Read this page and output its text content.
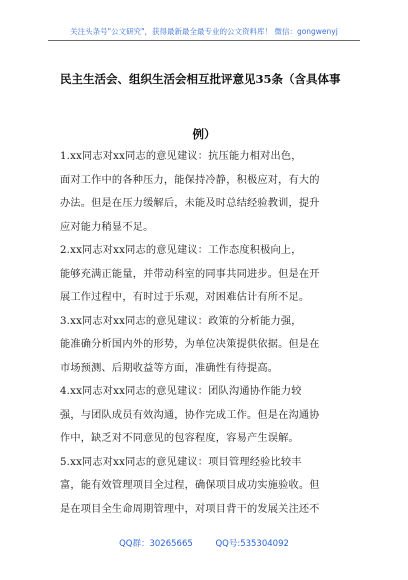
关注头条号"公文研究"，获得最新最全最专业的公文资料库！ 微信：gongwenyj
民主生活会、组织生活会相互批评意见35条（含具体事
例）
1.xx同志对xx同志的意见建议：抗压能力相对出色，
面对工作中的各种压力，能保持冷静，积极应对，有大的
办法。但是在压力缓解后，未能及时总结经验教训，提升
应对能力稍显不足。
2.xx同志对xx同志的意见建议：工作态度积极向上，
能够充满正能量，并带动科室的同事共同进步。但是在开
展工作过程中，有时过于乐观，对困难估计有所不足。
3.xx同志对xx同志的意见建议：政策的分析能力强，
能准确分析国内外的形势，为单位决策提供依据。但是在
市场预测、后期收益等方面，准确性有待提高。
4.xx同志对xx同志的意见建议：团队沟通协作能力较
强，与团队成员有效沟通，协作完成工作。但是在沟通协
作中，缺乏对不同意见的包容程度，容易产生误解。
5.xx同志对xx同志的意见建议：项目管理经验比较丰
富，能有效管理项目全过程，确保项目成功实施验收。但
是在项目全生命周期管理中，对项目背干的发展关注还不
QQ群：30265665	QQ号:535304092
